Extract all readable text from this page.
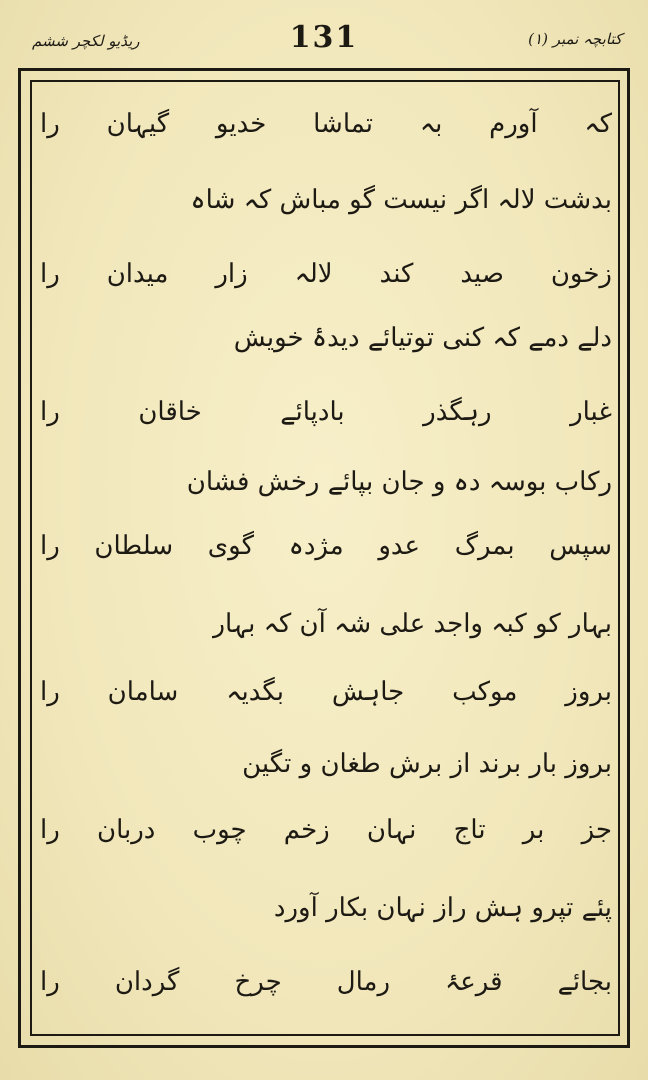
ریڈیو لکچر ششم	131	کتابچہ نمبر (۱)
کہ آورم بہ تماشا خدیو گیہان را
بدشت لالہ اگر نیست گو مباش کہ شاہ
زخون صید کند لالہ زار میدان را
دلے دمے کہ کنی توتیائے دیدۂ خویش
غبار رہگذر بادپائے خاقان را
رکاب بوسہ دہ و جان بپائے رخش فشان
سپس بمرگ عدو مژدہ گوی سلطان را
بہار کو کبہ واجد علی شہ آن کہ بہار
بروز موکب جاہش بگدیہ سامان را
بروز بار برند از برش طغان و تگین
جز بر تاج نہان زخم چوب دربان را
پئے تپرو ہش راز نہان بکار آورد
بجائے قرعۂ رمال چرخ گردان را
